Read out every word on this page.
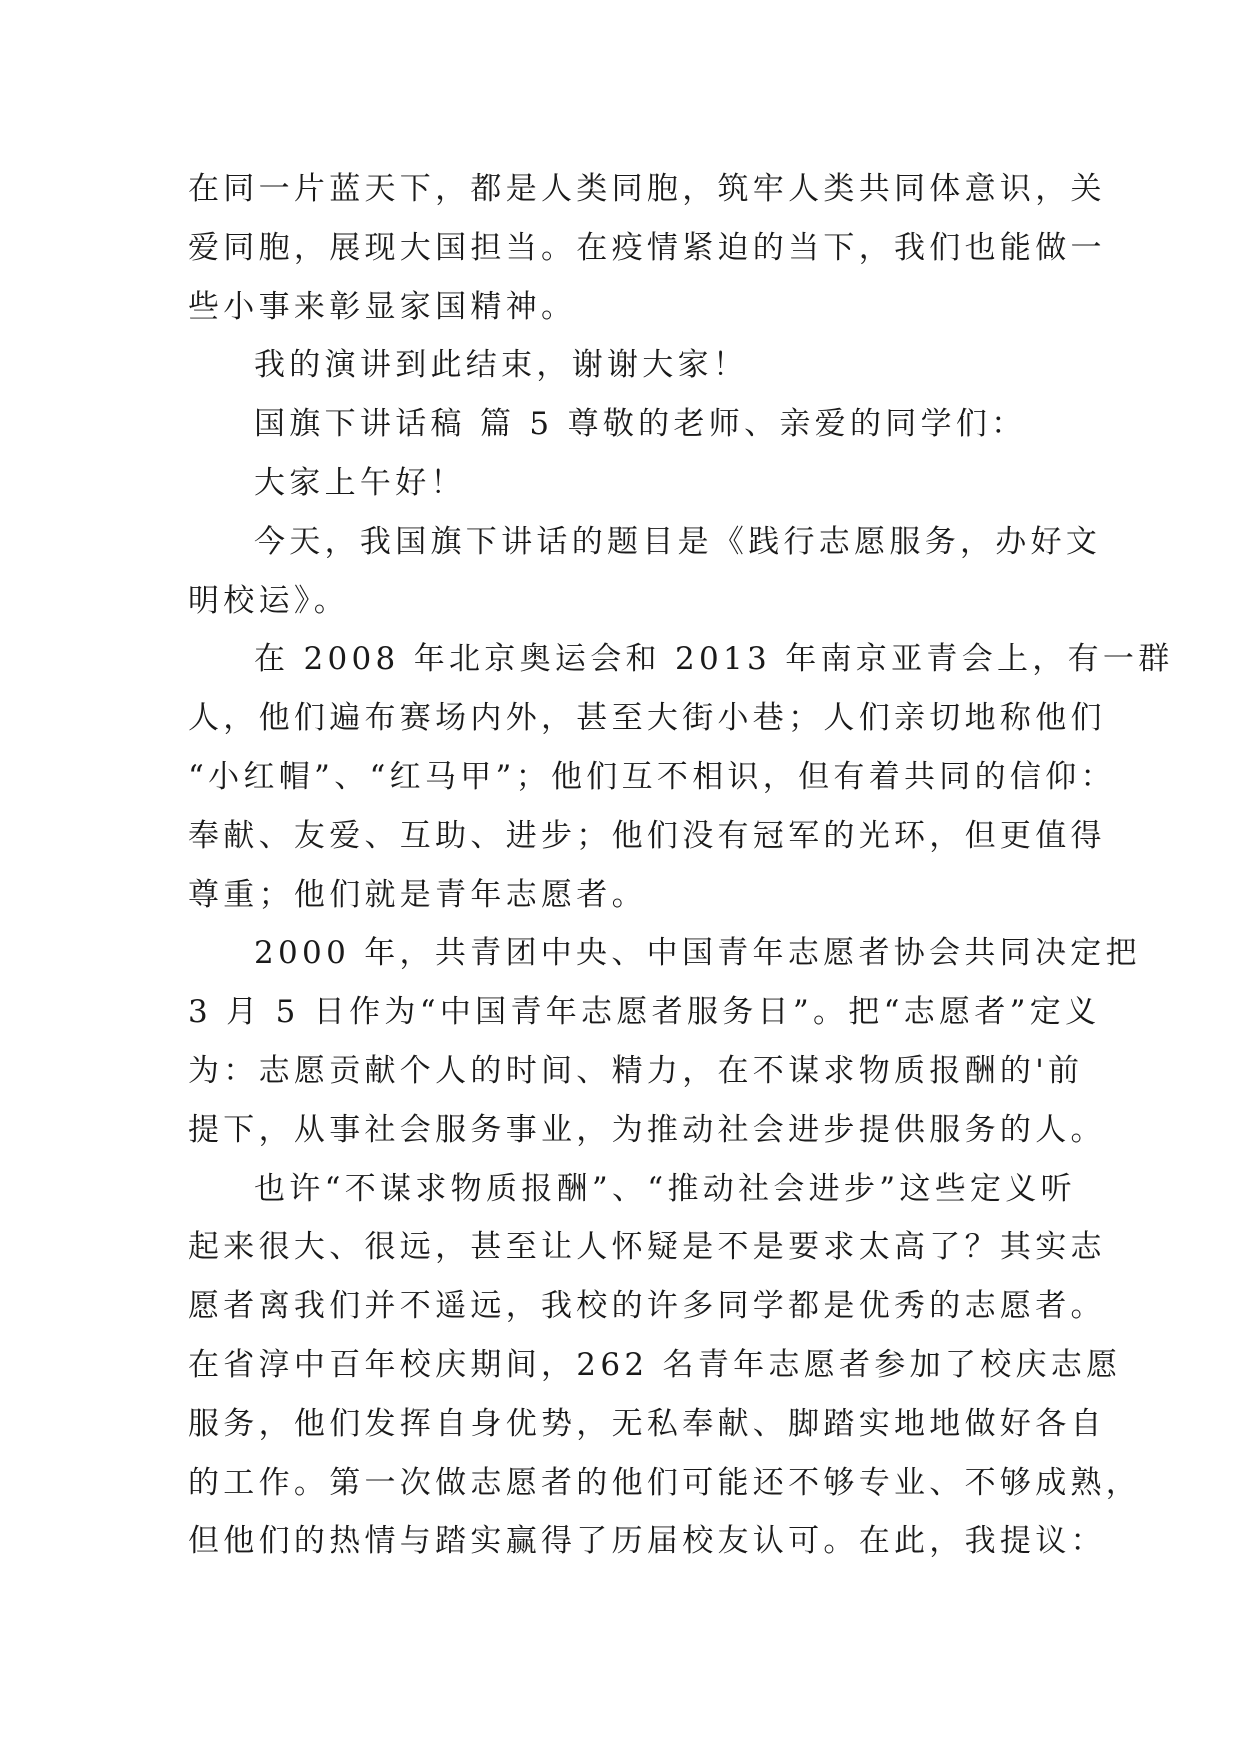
在同一片蓝天下，都是人类同胞，筑牢人类共同体意识，关
爱同胞，展现大国担当。在疫情紧迫的当下，我们也能做一
些小事来彰显家国精神。
我的演讲到此结束，谢谢大家！
国旗下讲话稿 篇 5 尊敬的老师、亲爱的同学们：
大家上午好！
今天，我国旗下讲话的题目是《践行志愿服务，办好文
明校运》。
在 2008 年北京奥运会和 2013 年南京亚青会上，有一群
人，他们遍布赛场内外，甚至大街小巷；人们亲切地称他们
“小红帽”、“红马甲”；他们互不相识，但有着共同的信仰：
奉献、友爱、互助、进步；他们没有冠军的光环，但更值得
尊重；他们就是青年志愿者。
2000 年，共青团中央、中国青年志愿者协会共同决定把
3 月 5 日作为“中国青年志愿者服务日”。把“志愿者”定义
为：志愿贡献个人的时间、精力，在不谋求物质报酬的'前
提下，从事社会服务事业，为推动社会进步提供服务的人。
也许“不谋求物质报酬”、“推动社会进步”这些定义听
起来很大、很远，甚至让人怀疑是不是要求太高了？其实志
愿者离我们并不遥远，我校的许多同学都是优秀的志愿者。
在省淳中百年校庆期间，262 名青年志愿者参加了校庆志愿
服务，他们发挥自身优势，无私奉献、脚踏实地地做好各自
的工作。第一次做志愿者的他们可能还不够专业、不够成熟，
但他们的热情与踏实赢得了历届校友认可。在此，我提议：
